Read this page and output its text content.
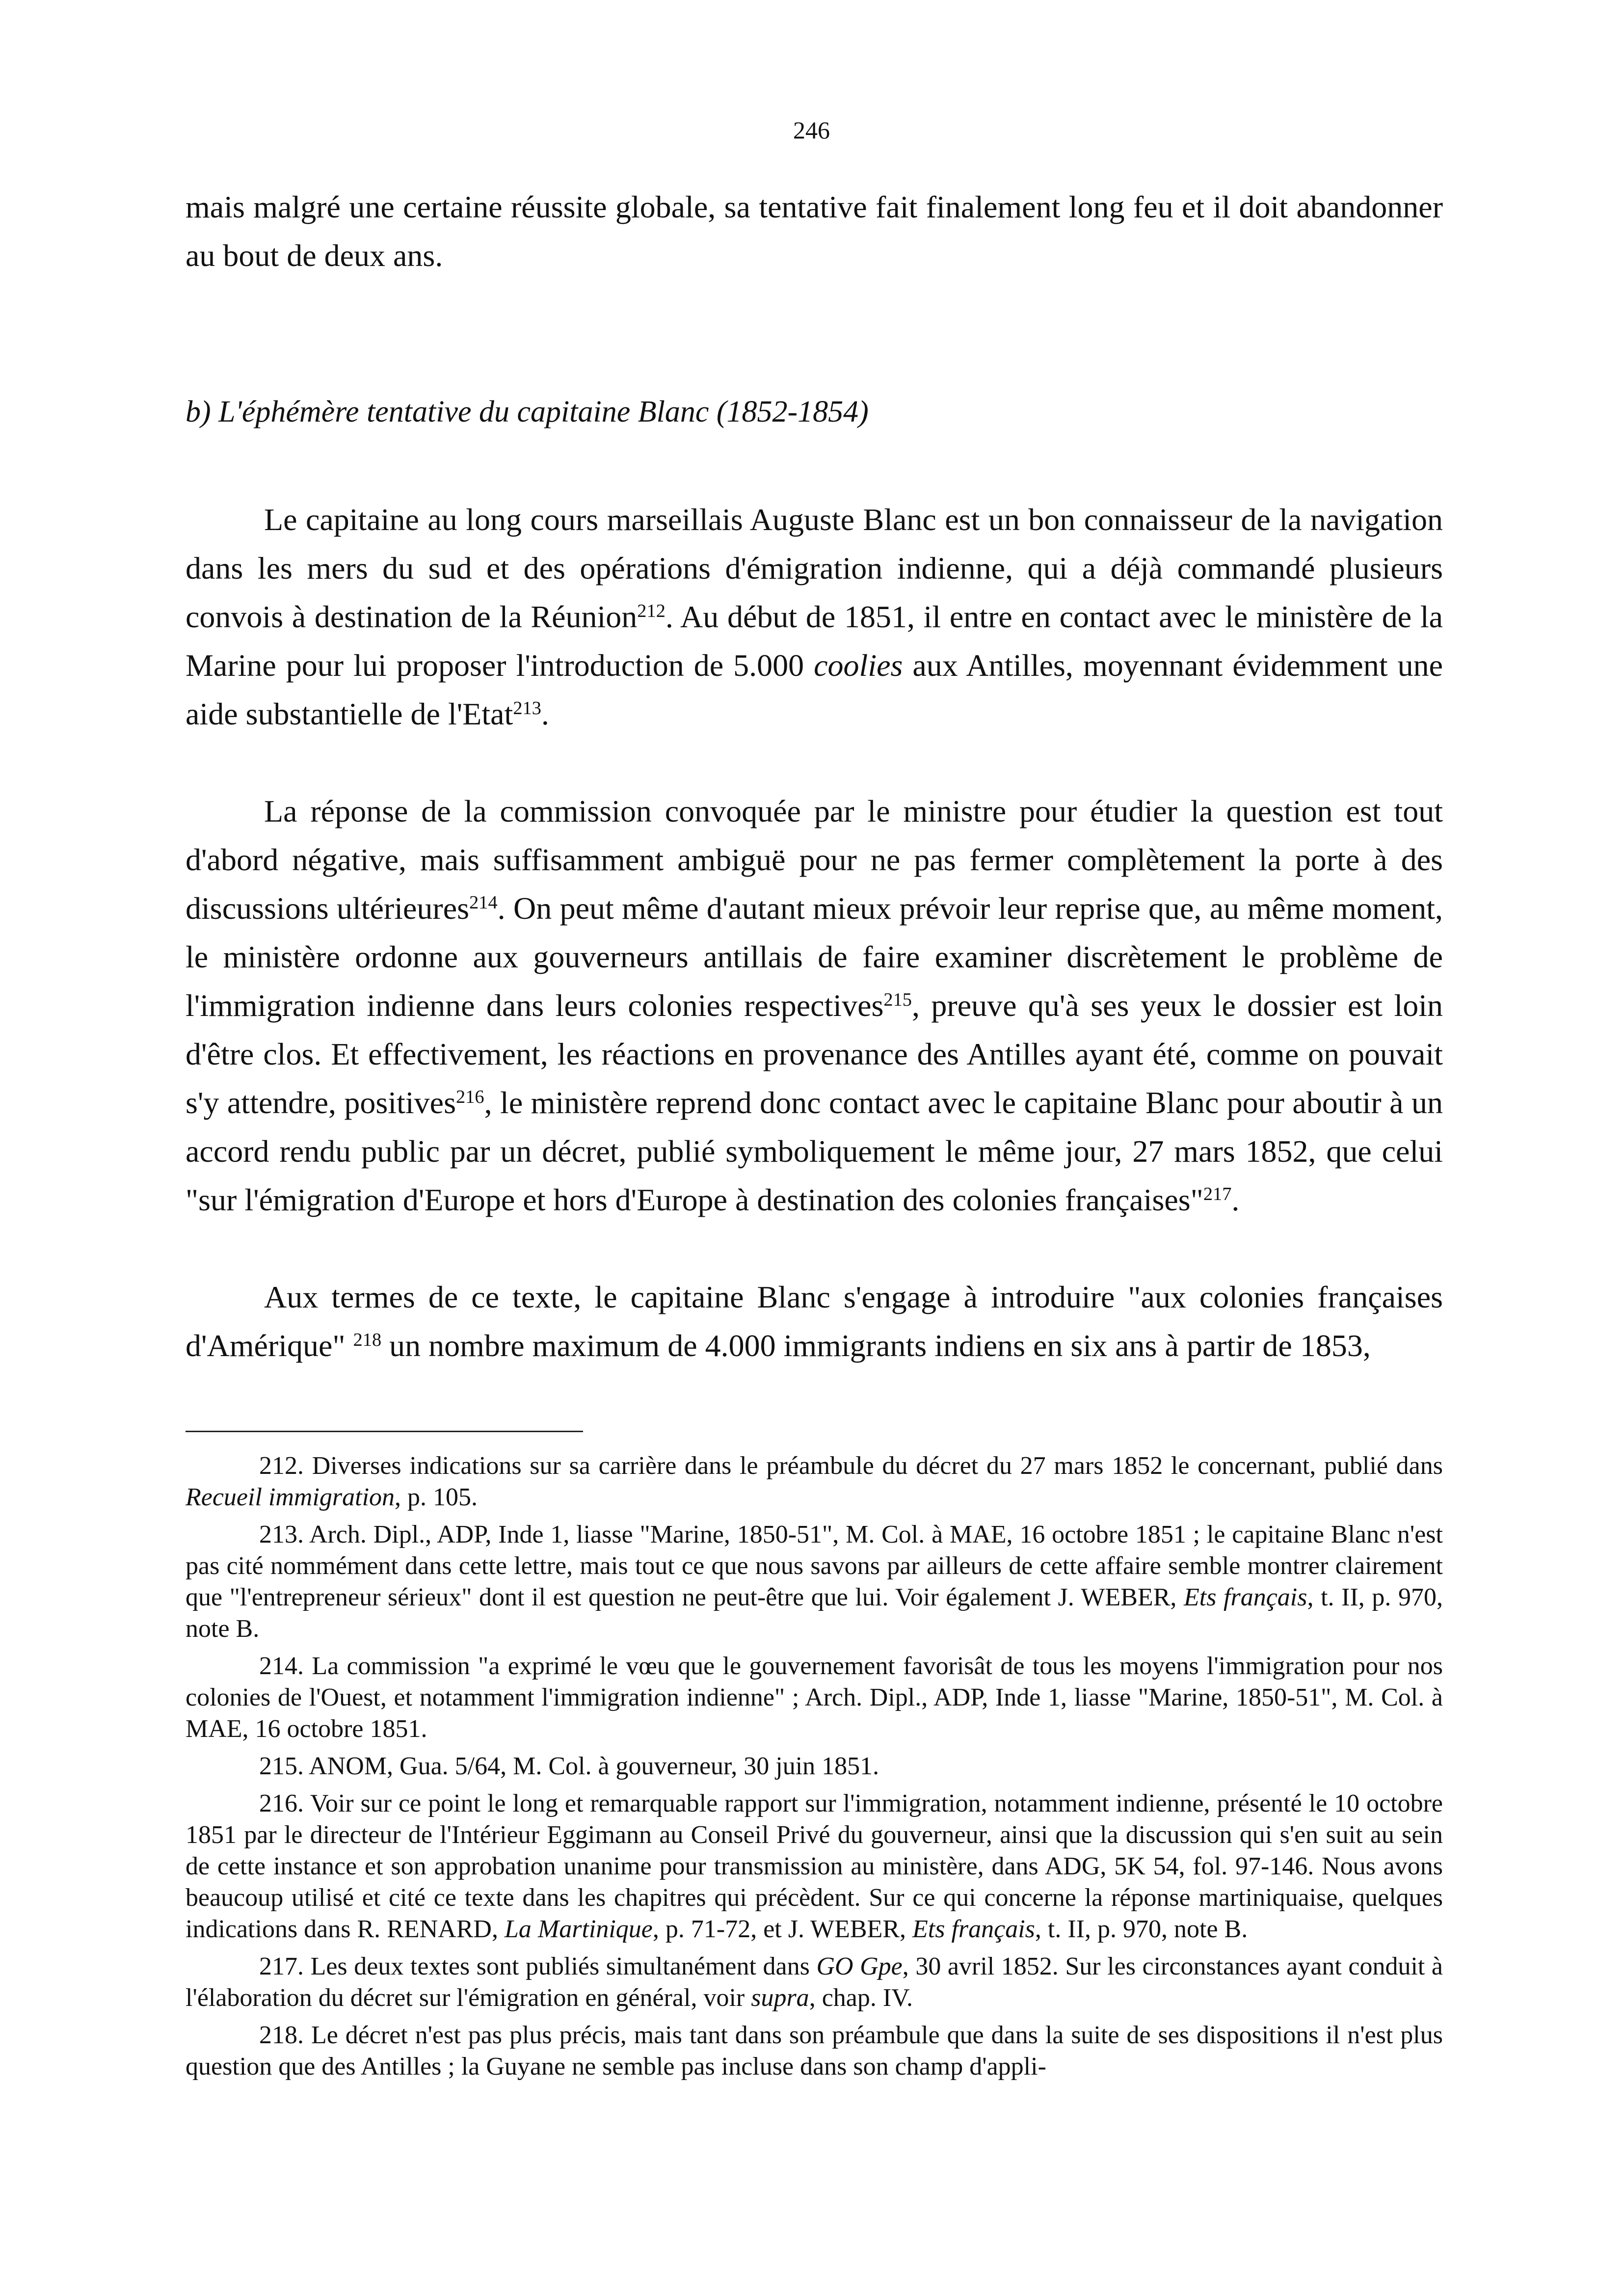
246

mais malgré une certaine réussite globale, sa tentative fait finalement long feu et il doit abandonner au bout de deux ans.

b) L'éphémère tentative du capitaine Blanc (1852-1854)

Le capitaine au long cours marseillais Auguste Blanc est un bon connaisseur de la navigation dans les mers du sud et des opérations d'émigration indienne, qui a déjà commandé plusieurs convois à destination de la Réunion$^{212}$. Au début de 1851, il entre en contact avec le ministère de la Marine pour lui proposer l'introduction de 5.000 coolies aux Antilles, moyennant évidemment une aide substantielle de l'Etat$^{213}$.

La réponse de la commission convoquée par le ministre pour étudier la question est tout d'abord négative, mais suffisamment ambiguë pour ne pas fermer complètement la porte à des discussions ultérieures$^{214}$. On peut même d'autant mieux prévoir leur reprise que, au même moment, le ministère ordonne aux gouverneurs antillais de faire examiner discrètement le problème de l'immigration indienne dans leurs colonies respectives$^{215}$, preuve qu'à ses yeux le dossier est loin d'être clos. Et effectivement, les réactions en provenance des Antilles ayant été, comme on pouvait s'y attendre, positives$^{216}$, le ministère reprend donc contact avec le capitaine Blanc pour aboutir à un accord rendu public par un décret, publié symboliquement le même jour, 27 mars 1852, que celui "sur l'émigration d'Europe et hors d'Europe à destination des colonies françaises"$^{217}$.

Aux termes de ce texte, le capitaine Blanc s'engage à introduire "aux colonies françaises d'Amérique" $^{218}$ un nombre maximum de 4.000 immigrants indiens en six ans à partir de 1853,

212. Diverses indications sur sa carrière dans le préambule du décret du 27 mars 1852 le concernant, publié dans Recueil immigration, p. 105.

213. Arch. Dipl., ADP, Inde 1, liasse "Marine, 1850-51", M. Col. à MAE, 16 octobre 1851 ; le capitaine Blanc n'est pas cité nommément dans cette lettre, mais tout ce que nous savons par ailleurs de cette affaire semble montrer clairement que "l'entrepreneur sérieux" dont il est question ne peut-être que lui. Voir également J. WEBER, Ets français, t. II, p. 970, note B.

214. La commission "a exprimé le vœu que le gouvernement favorisât de tous les moyens l'immigration pour nos colonies de l'Ouest, et notamment l'immigration indienne" ; Arch. Dipl., ADP, Inde 1, liasse "Marine, 1850-51", M. Col. à MAE, 16 octobre 1851.

215. ANOM, Gua. 5/64, M. Col. à gouverneur, 30 juin 1851.

216. Voir sur ce point le long et remarquable rapport sur l'immigration, notamment indienne, présenté le 10 octobre 1851 par le directeur de l'Intérieur Eggimann au Conseil Privé du gouverneur, ainsi que la discussion qui s'en suit au sein de cette instance et son approbation unanime pour transmission au ministère, dans ADG, 5K 54, fol. 97-146. Nous avons beaucoup utilisé et cité ce texte dans les chapitres qui précèdent. Sur ce qui concerne la réponse martiniquaise, quelques indications dans R. RENARD, La Martinique, p. 71-72, et J. WEBER, Ets français, t. II, p. 970, note B.

217. Les deux textes sont publiés simultanément dans GO Gpe, 30 avril 1852. Sur les circonstances ayant conduit à l'élaboration du décret sur l'émigration en général, voir supra, chap. IV.

218. Le décret n'est pas plus précis, mais tant dans son préambule que dans la suite de ses dispositions il n'est plus question que des Antilles ; la Guyane ne semble pas incluse dans son champ d'appli-
